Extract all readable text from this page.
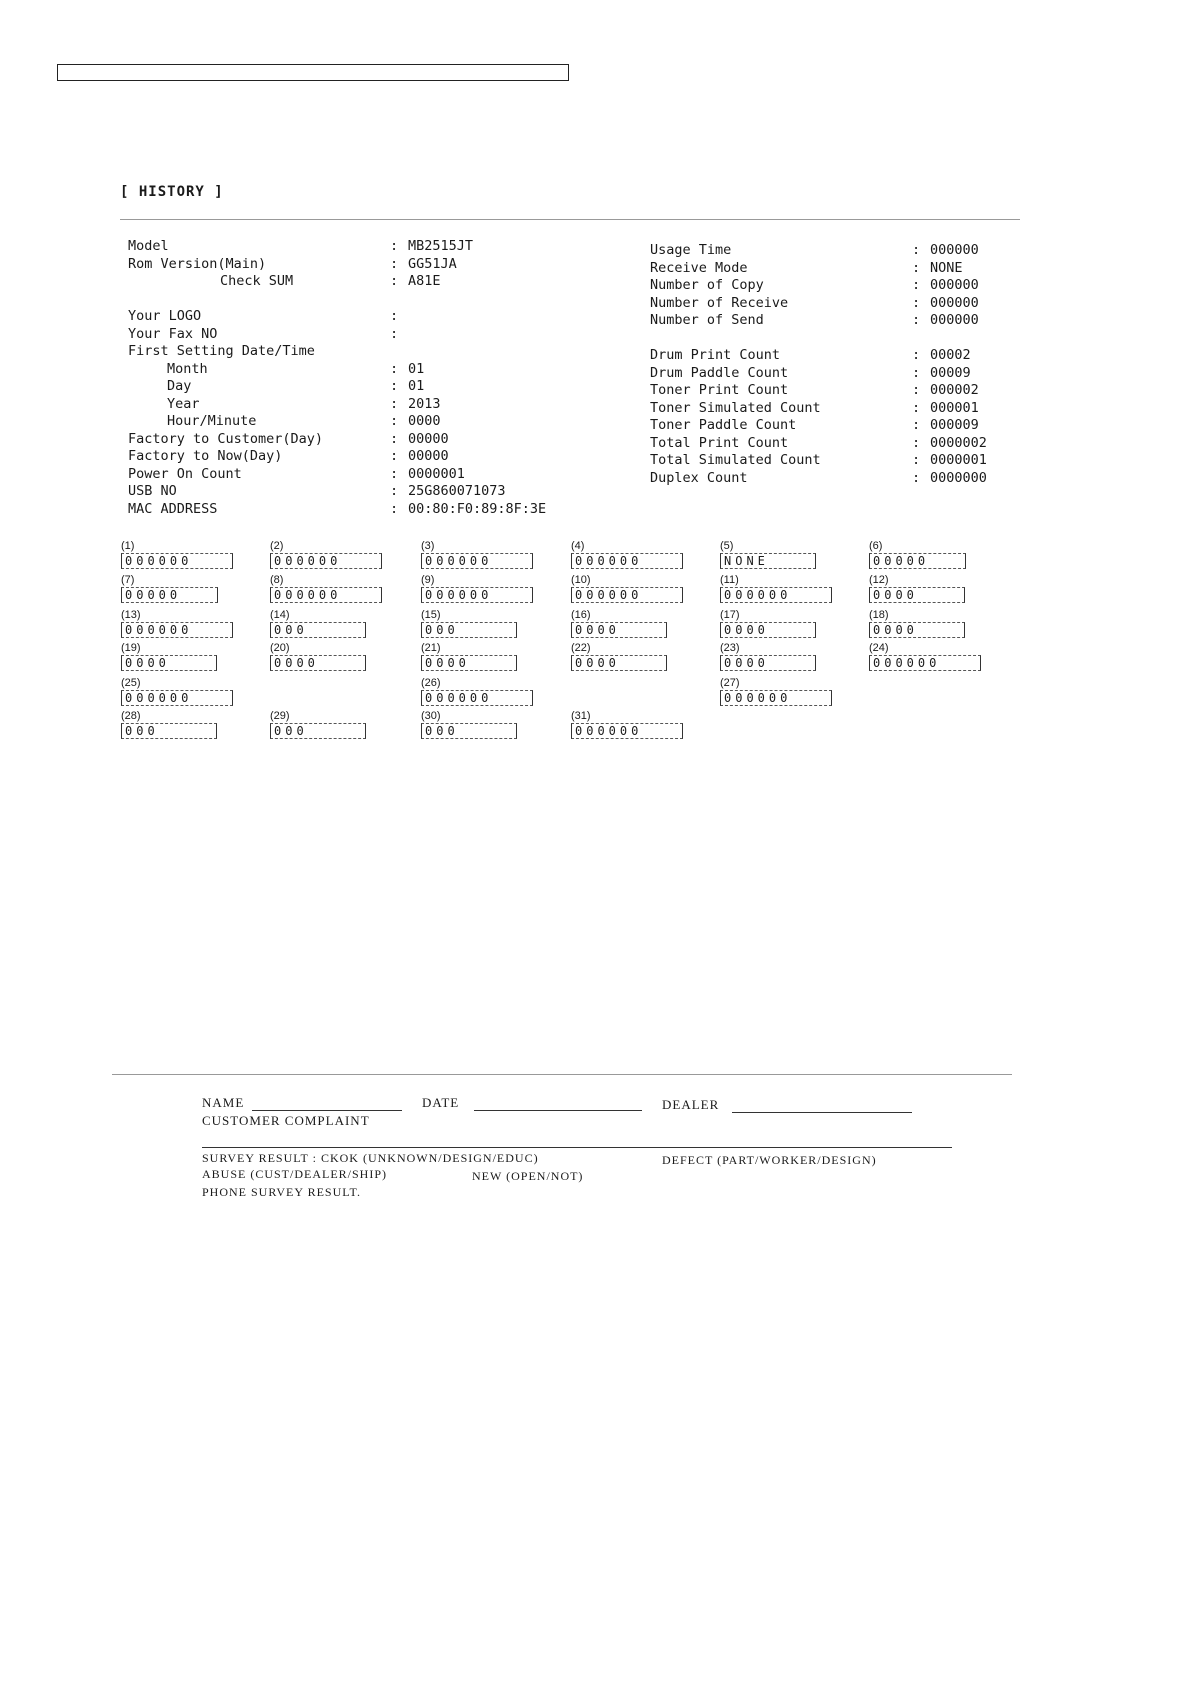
[ HISTORY ]
Model	: MB2515JT
Rom Version(Main)	: GG51JA
Check SUM	: A81E
Your LOGO	:
Your Fax NO	:
First Setting Date/Time
Month	: 01
Day	: 01
Year	: 2013
Hour/Minute	: 0000
Factory to Customer(Day)	: 00000
Factory to Now(Day)	: 00000
Power On Count	: 0000001
USB NO	: 25G860071073
MAC ADDRESS	: 00:80:F0:89:8F:3E
Usage Time	: 000000
Receive Mode	: NONE
Number of Copy	: 000000
Number of Receive	: 000000
Number of Send	: 000000
Drum Print Count	: 00002
Drum Paddle Count	: 00009
Toner Print Count	: 000002
Toner Simulated Count	: 000001
Toner Paddle Count	: 000009
Total Print Count	: 0000002
Total Simulated Count	: 0000001
Duplex Count	: 0000000
(1)
000000
(2)
000000
(3)
000000
(4)
000000
(5)
NONE
(6)
00000
(7)
00000
(8)
000000
(9)
000000
(10)
000000
(11)
000000
(12)
0000
(13)
000000
(14)
000
(15)
000
(16)
0000
(17)
0000
(18)
0000
(19)
0000
(20)
0000
(21)
0000
(22)
0000
(23)
0000
(24)
000000
(25)
000000
(26)
000000
(27)
000000
(28)
000
(29)
000
(30)
000
(31)
000000
NAME	DATE	DEALER
CUSTOMER COMPLAINT
SURVEY RESULT : CKOK (UNKNOWN/DESIGN/EDUC)	DEFECT (PART/WORKER/DESIGN)
ABUSE (CUST/DEALER/SHIP)	NEW (OPEN/NOT)
PHONE SURVEY RESULT.
